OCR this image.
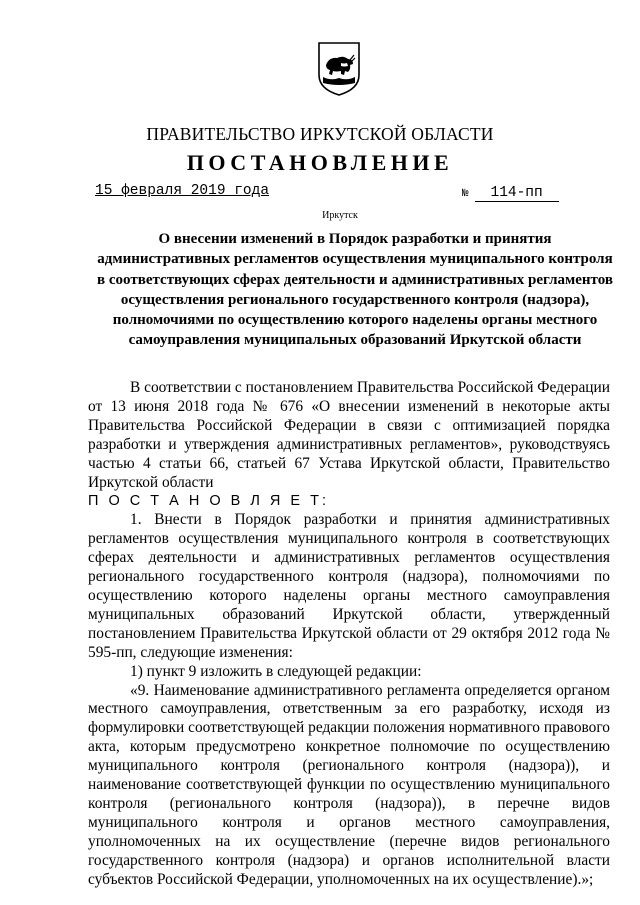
ПРАВИТЕЛЬСТВО ИРКУТСКОЙ ОБЛАСТИ
ПОСТАНОВЛЕНИЕ
15 февраля 2019 года	№ 114-пп
Иркутск
О внесении изменений в Порядок разработки и принятия административных регламентов осуществления муниципального контроля в соответствующих сферах деятельности и административных регламентов осуществления регионального государственного контроля (надзора), полномочиями по осуществлению которого наделены органы местного самоуправления муниципальных образований Иркутской области

В соответствии с постановлением Правительства Российской Федерации от 13 июня 2018 года № 676 «О внесении изменений в некоторые акты Правительства Российской Федерации в связи с оптимизацией порядка разработки и утверждения административных регламентов», руководствуясь частью 4 статьи 66, статьей 67 Устава Иркутской области, Правительство Иркутской области

П О С Т А Н О В Л Я Е Т:

1. Внести в Порядок разработки и принятия административных регламентов осуществления муниципального контроля в соответствующих сферах деятельности и административных регламентов осуществления регионального государственного контроля (надзора), полномочиями по осуществлению которого наделены органы местного самоуправления муниципальных образований Иркутской области, утвержденный постановлением Правительства Иркутской области от 29 октября 2012 года № 595-пп, следующие изменения:

1) пункт 9 изложить в следующей редакции:

«9. Наименование административного регламента определяется органом местного самоуправления, ответственным за его разработку, исходя из формулировки соответствующей редакции положения нормативного правового акта, которым предусмотрено конкретное полномочие по осуществлению муниципального контроля (регионального контроля (надзора)), и наименование соответствующей функции по осуществлению муниципального контроля (регионального контроля (надзора)), в перечне видов муниципального контроля и органов местного самоуправления, уполномоченных на их осуществление (перечне видов регионального государственного контроля (надзора) и органов исполнительной власти субъектов Российской Федерации, уполномоченных на их осуществление).»;
